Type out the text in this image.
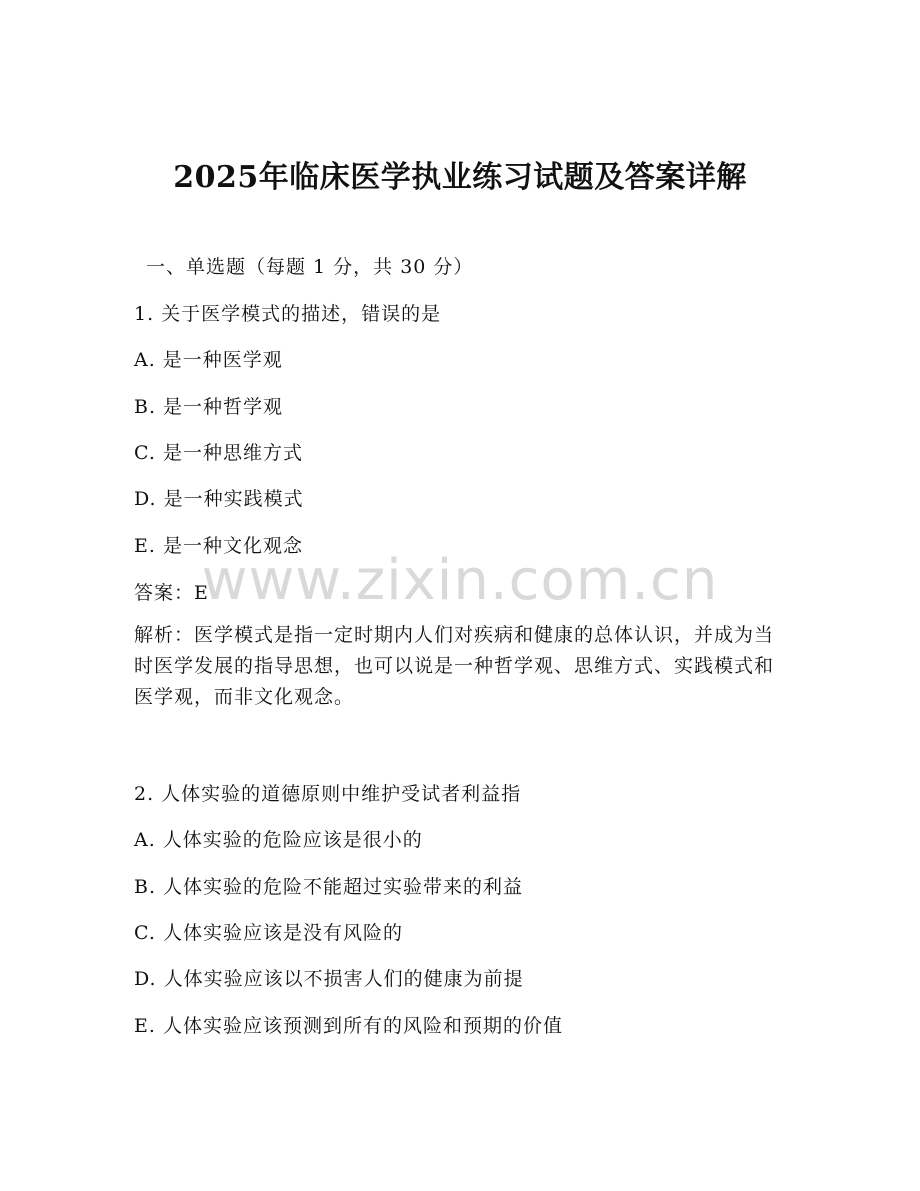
2025年临床医学执业练习试题及答案详解
一、单选题（每题 1 分，共 30 分）
1. 关于医学模式的描述，错误的是
A. 是一种医学观
B. 是一种哲学观
C. 是一种思维方式
D. 是一种实践模式
E. 是一种文化观念
答案：E
解析：医学模式是指一定时期内人们对疾病和健康的总体认识，并成为当时医学发展的指导思想，也可以说是一种哲学观、思维方式、实践模式和医学观，而非文化观念。
2. 人体实验的道德原则中维护受试者利益指
A. 人体实验的危险应该是很小的
B. 人体实验的危险不能超过实验带来的利益
C. 人体实验应该是没有风险的
D. 人体实验应该以不损害人们的健康为前提
E. 人体实验应该预测到所有的风险和预期的价值
www.zixin.com.cn
